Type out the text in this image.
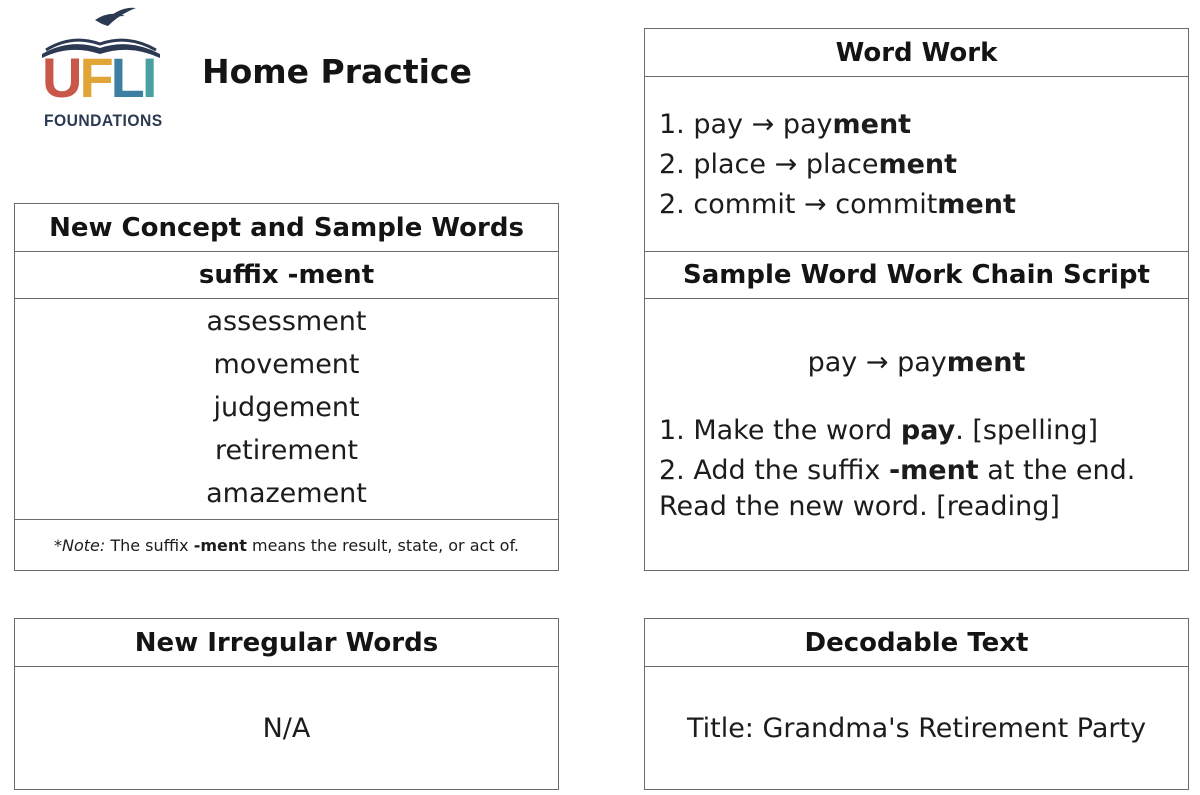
UFLI
FOUNDATIONS
Home Practice
New Concept and Sample Words
suffix -ment
assessment
movement
judgement
retirement
amazement
*Note: The suffix -ment means the result, state, or act of.
New Irregular Words
N/A
Word Work
1. pay → payment
2. place → placement
2. commit → commitment
Sample Word Work Chain Script
pay → payment
1. Make the word pay. [spelling]
2. Add the suffix -ment at the end.
Read the new word. [reading]
Decodable Text
Title: Grandma's Retirement Party
